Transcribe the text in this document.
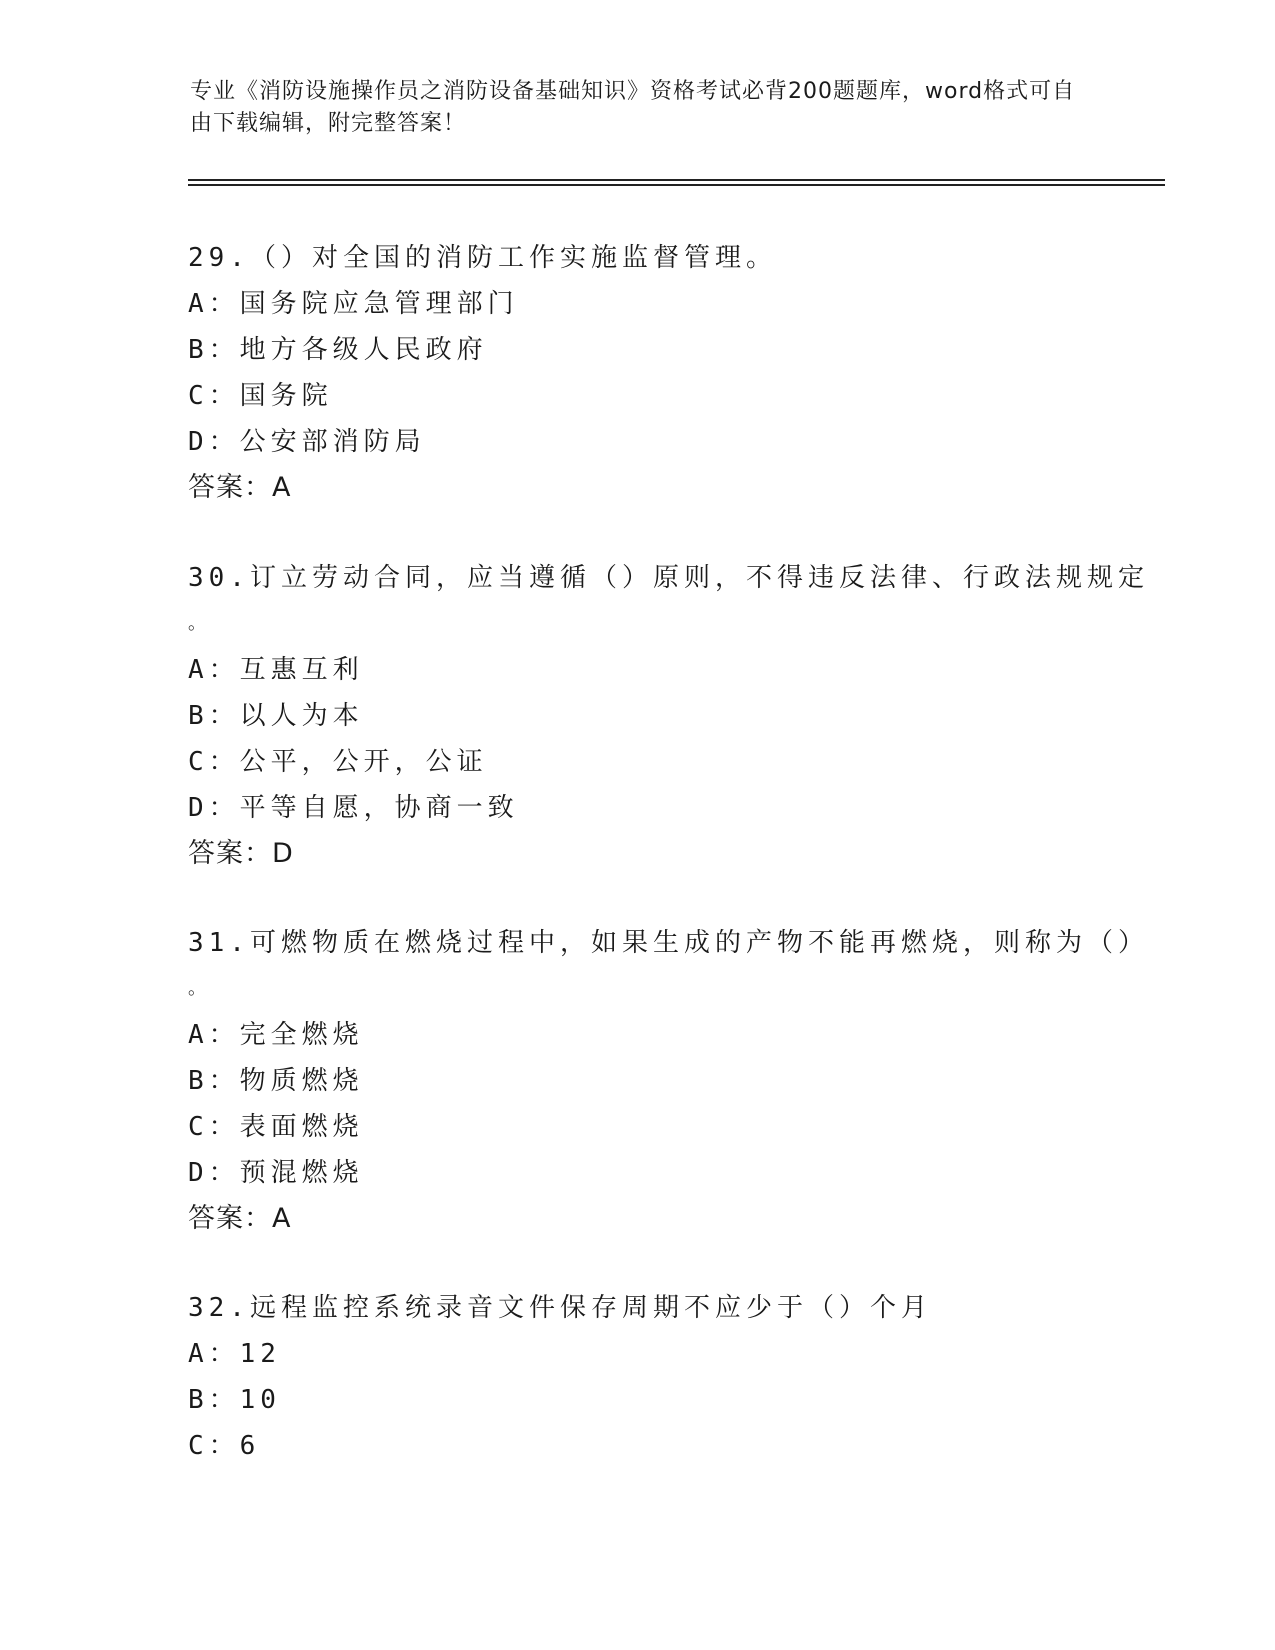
专业《消防设施操作员之消防设备基础知识》资格考试必背200题题库，word格式可自由下载编辑，附完整答案！
29.（）对全国的消防工作实施监督管理。
A：国务院应急管理部门
B：地方各级人民政府
C：国务院
D：公安部消防局
答案：A
30.订立劳动合同，应当遵循（）原则，不得违反法律、行政法规规定
。
A：互惠互利
B：以人为本
C：公平，公开，公证
D：平等自愿，协商一致
答案：D
31.可燃物质在燃烧过程中，如果生成的产物不能再燃烧，则称为（）
。
A：完全燃烧
B：物质燃烧
C：表面燃烧
D：预混燃烧
答案：A
32.远程监控系统录音文件保存周期不应少于（）个月
A：12
B：10
C：6
